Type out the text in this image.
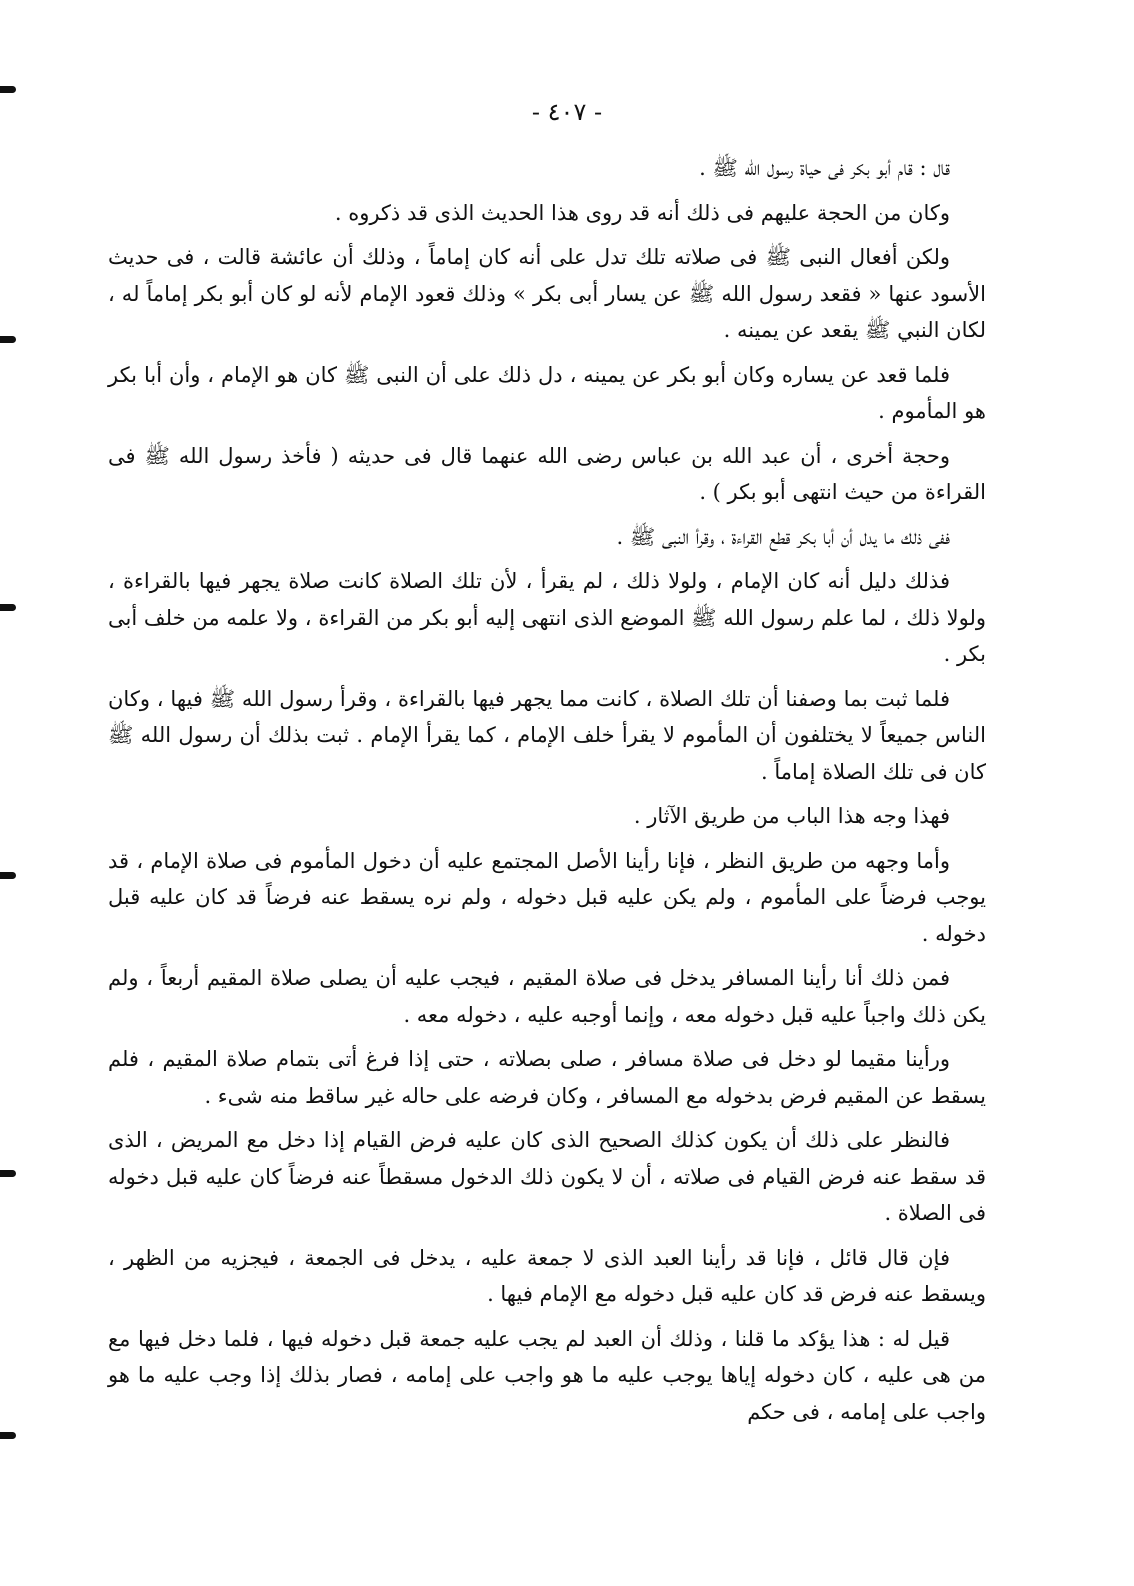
- ٤٠٧ -

قال : قام أبو بكر فى حياة رسول الله ﷺ .

وكان من الحجة عليهم فى ذلك أنه قد روى هذا الحديث الذى قد ذكروه .

ولكن أفعال النبى ﷺ فى صلاته تلك تدل على أنه كان إماماً ، وذلك أن عائشة قالت ، فى حديث الأسود عنها « فقعد رسول الله ﷺ عن يسار أبى بكر » وذلك قعود الإمام لأنه لو كان أبو بكر إماماً له ، لكان النبي ﷺ يقعد عن يمينه .

فلما قعد عن يساره وكان أبو بكر عن يمينه ، دل ذلك على أن النبى ﷺ كان هو الإمام ، وأن أبا بكر هو المأموم .

وحجة أخرى ، أن عبد الله بن عباس رضى الله عنهما قال فى حديثه ( فأخذ رسول الله ﷺ فى القراءة من حيث انتهى أبو بكر ) .

ففى ذلك ما يدل أن أبا بكر قطع القراءة ، وقرأ النبى ﷺ .

فذلك دليل أنه كان الإمام ، ولولا ذلك ، لم يقرأ ، لأن تلك الصلاة كانت صلاة يجهر فيها بالقراءة ، ولولا ذلك ، لما علم رسول الله ﷺ الموضع الذى انتهى إليه أبو بكر من القراءة ، ولا علمه من خلف أبى بكر .

فلما ثبت بما وصفنا أن تلك الصلاة ، كانت مما يجهر فيها بالقراءة ، وقرأ رسول الله ﷺ فيها ، وكان الناس جميعاً لا يختلفون أن المأموم لا يقرأ خلف الإمام ، كما يقرأ الإمام . ثبت بذلك أن رسول الله ﷺ كان فى تلك الصلاة إماماً .

فهذا وجه هذا الباب من طريق الآثار .

وأما وجهه من طريق النظر ، فإنا رأينا الأصل المجتمع عليه أن دخول المأموم فى صلاة الإمام ، قد يوجب فرضاً على المأموم ، ولم يكن عليه قبل دخوله ، ولم نره يسقط عنه فرضاً قد كان عليه قبل دخوله .

فمن ذلك أنا رأينا المسافر يدخل فى صلاة المقيم ، فيجب عليه أن يصلى صلاة المقيم أربعاً ، ولم يكن ذلك واجباً عليه قبل دخوله معه ، وإنما أوجبه عليه ، دخوله معه .

ورأينا مقيما لو دخل فى صلاة مسافر ، صلى بصلاته ، حتى إذا فرغ أتى بتمام صلاة المقيم ، فلم يسقط عن المقيم فرض بدخوله مع المسافر ، وكان فرضه على حاله غير ساقط منه شىء .

فالنظر على ذلك أن يكون كذلك الصحيح الذى كان عليه فرض القيام إذا دخل مع المريض ، الذى قد سقط عنه فرض القيام فى صلاته ، أن لا يكون ذلك الدخول مسقطاً عنه فرضاً كان عليه قبل دخوله فى الصلاة .

فإن قال قائل ، فإنا قد رأينا العبد الذى لا جمعة عليه ، يدخل فى الجمعة ، فيجزيه من الظهر ، ويسقط عنه فرض قد كان عليه قبل دخوله مع الإمام فيها .

قيل له : هذا يؤكد ما قلنا ، وذلك أن العبد لم يجب عليه جمعة قبل دخوله فيها ، فلما دخل فيها مع من هى عليه ، كان دخوله إياها يوجب عليه ما هو واجب على إمامه ، فصار بذلك إذا وجب عليه ما هو واجب على إمامه ، فى حكم
